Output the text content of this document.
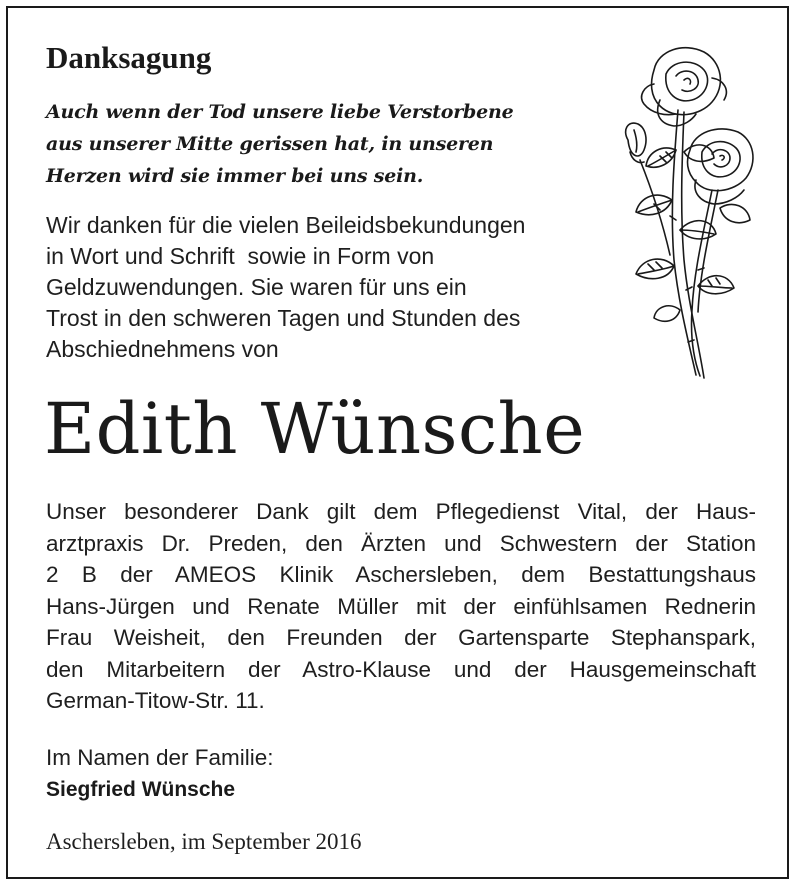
Danksagung

Auch wenn der Tod unsere liebe Verstorbene
aus unserer Mitte gerissen hat, in unseren
Herzen wird sie immer bei uns sein.

Wir danken für die vielen Beileidsbekundungen
in Wort und Schrift  sowie in Form von
Geldzuwendungen. Sie waren für uns ein
Trost in den schweren Tagen und Stunden des
Abschiednehmens von

Edith Wünsche

Unser besonderer Dank gilt dem Pflegedienst Vital, der Haus-
arztpraxis Dr. Preden, den Ärzten und Schwestern der Station
2 B der AMEOS Klinik Aschersleben, dem Bestattungshaus
Hans-Jürgen und Renate Müller mit der einfühlsamen Rednerin
Frau Weisheit, den Freunden der Gartensparte Stephanspark,
den Mitarbeitern der Astro-Klause und der Hausgemeinschaft
German-Titow-Str. 11.

Im Namen der Familie:

Siegfried Wünsche

Aschersleben, im September 2016
